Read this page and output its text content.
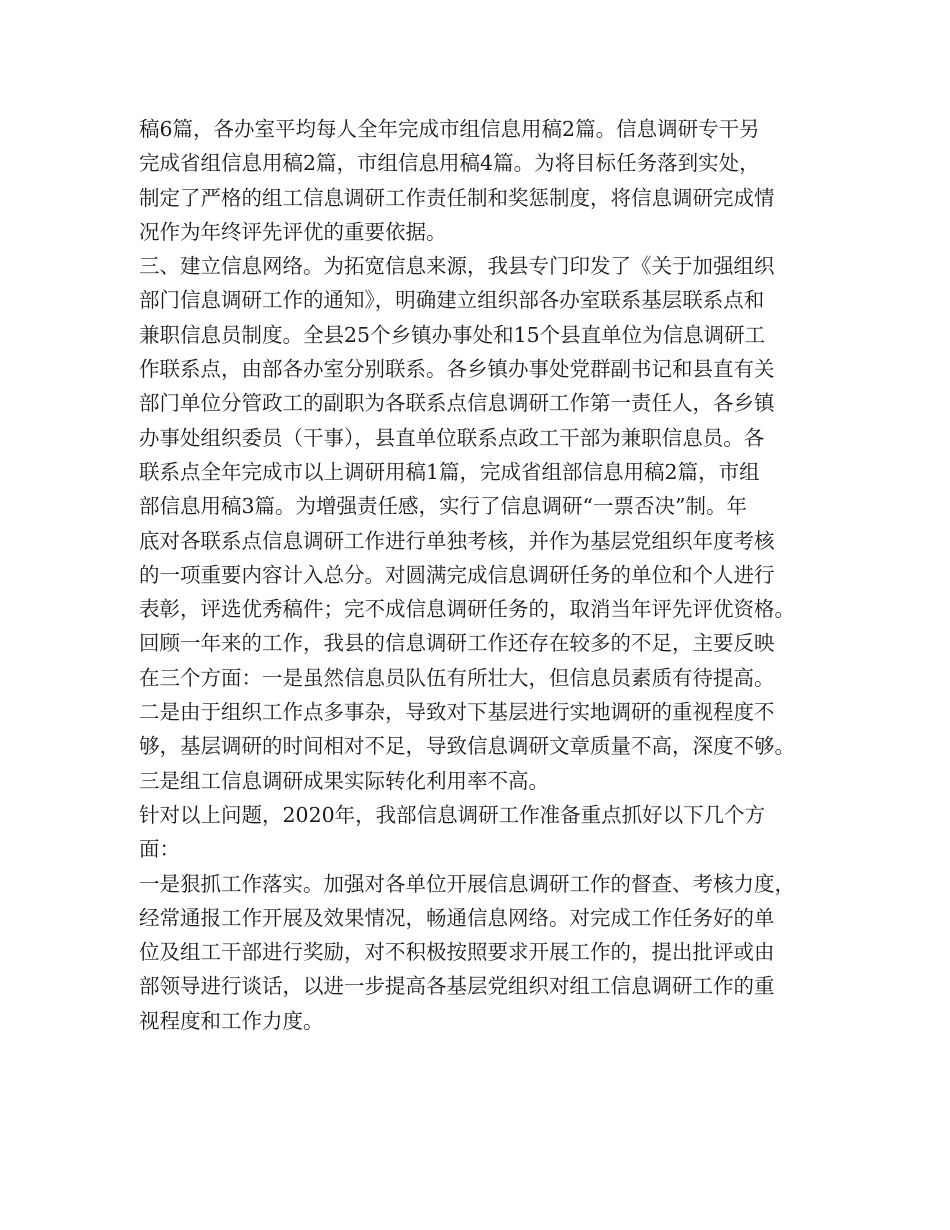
稿6篇，各办室平均每人全年完成市组信息用稿2篇。信息调研专干另
完成省组信息用稿2篇，市组信息用稿4篇。为将目标任务落到实处，
制定了严格的组工信息调研工作责任制和奖惩制度，将信息调研完成情
况作为年终评先评优的重要依据。
三、建立信息网络。为拓宽信息来源，我县专门印发了《关于加强组织
部门信息调研工作的通知》，明确建立组织部各办室联系基层联系点和
兼职信息员制度。全县25个乡镇办事处和15个县直单位为信息调研工
作联系点，由部各办室分别联系。各乡镇办事处党群副书记和县直有关
部门单位分管政工的副职为各联系点信息调研工作第一责任人，各乡镇
办事处组织委员（干事），县直单位联系点政工干部为兼职信息员。各
联系点全年完成市以上调研用稿1篇，完成省组部信息用稿2篇，市组
部信息用稿3篇。为增强责任感，实行了信息调研“一票否决”制。年
底对各联系点信息调研工作进行单独考核，并作为基层党组织年度考核
的一项重要内容计入总分。对圆满完成信息调研任务的单位和个人进行
表彰，评选优秀稿件；完不成信息调研任务的，取消当年评先评优资格。
回顾一年来的工作，我县的信息调研工作还存在较多的不足，主要反映
在三个方面：一是虽然信息员队伍有所壮大，但信息员素质有待提高。
二是由于组织工作点多事杂，导致对下基层进行实地调研的重视程度不
够，基层调研的时间相对不足，导致信息调研文章质量不高，深度不够。
三是组工信息调研成果实际转化利用率不高。
针对以上问题，2020年，我部信息调研工作准备重点抓好以下几个方
面：
一是狠抓工作落实。加强对各单位开展信息调研工作的督查、考核力度，
经常通报工作开展及效果情况，畅通信息网络。对完成工作任务好的单
位及组工干部进行奖励，对不积极按照要求开展工作的，提出批评或由
部领导进行谈话，以进一步提高各基层党组织对组工信息调研工作的重
视程度和工作力度。
